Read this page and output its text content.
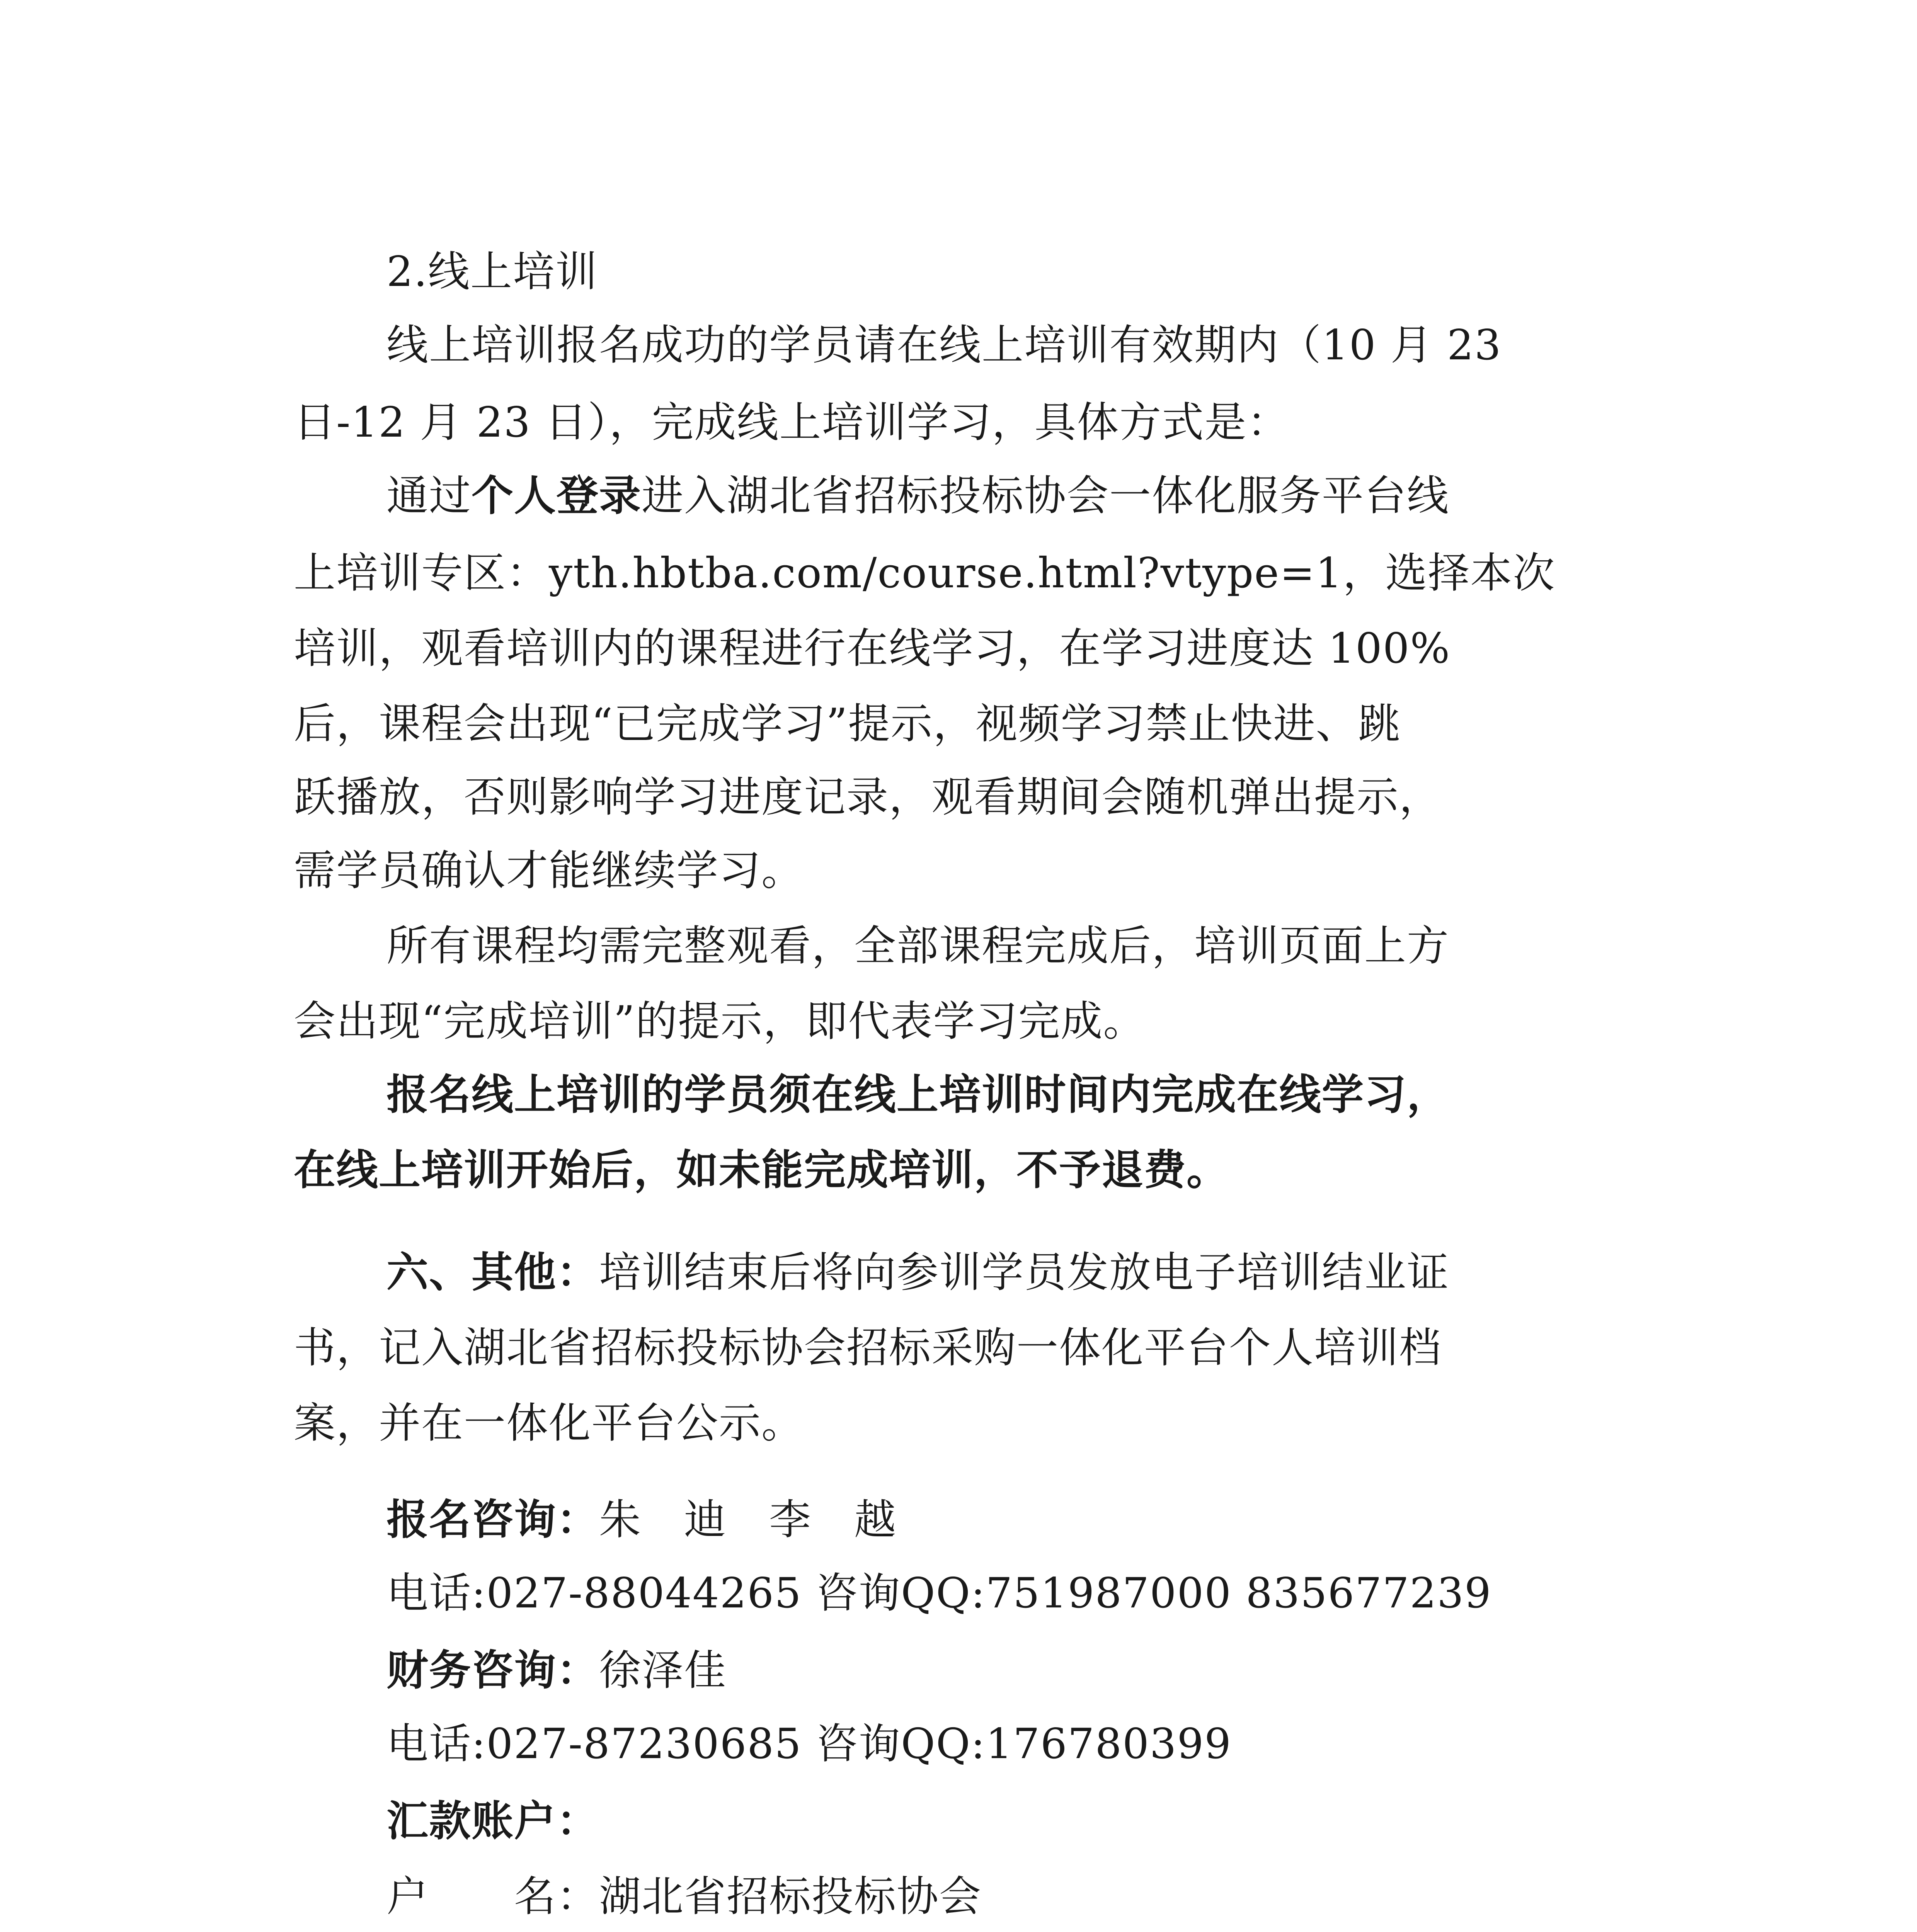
2.线上培训
线上培训报名成功的学员请在线上培训有效期内（10 月 23
日-12 月 23 日），完成线上培训学习，具体方式是：
通过个人登录进入湖北省招标投标协会一体化服务平台线
上培训专区：yth.hbtba.com/course.html?vtype=1，选择本次
培训，观看培训内的课程进行在线学习，在学习进度达 100%
后，课程会出现“已完成学习”提示，视频学习禁止快进、跳
跃播放，否则影响学习进度记录，观看期间会随机弹出提示，
需学员确认才能继续学习。
所有课程均需完整观看，全部课程完成后，培训页面上方
会出现“完成培训”的提示，即代表学习完成。
报名线上培训的学员须在线上培训时间内完成在线学习，
在线上培训开始后，如未能完成培训，不予退费。
六、其他：培训结束后将向参训学员发放电子培训结业证
书，记入湖北省招标投标协会招标采购一体化平台个人培训档
案，并在一体化平台公示。
报名咨询：朱　迪　李　越
电话:027-88044265 咨询QQ:751987000 835677239
财务咨询：徐泽佳
电话:027-87230685 咨询QQ:176780399
汇款账户：
户　　名：湖北省招标投标协会
